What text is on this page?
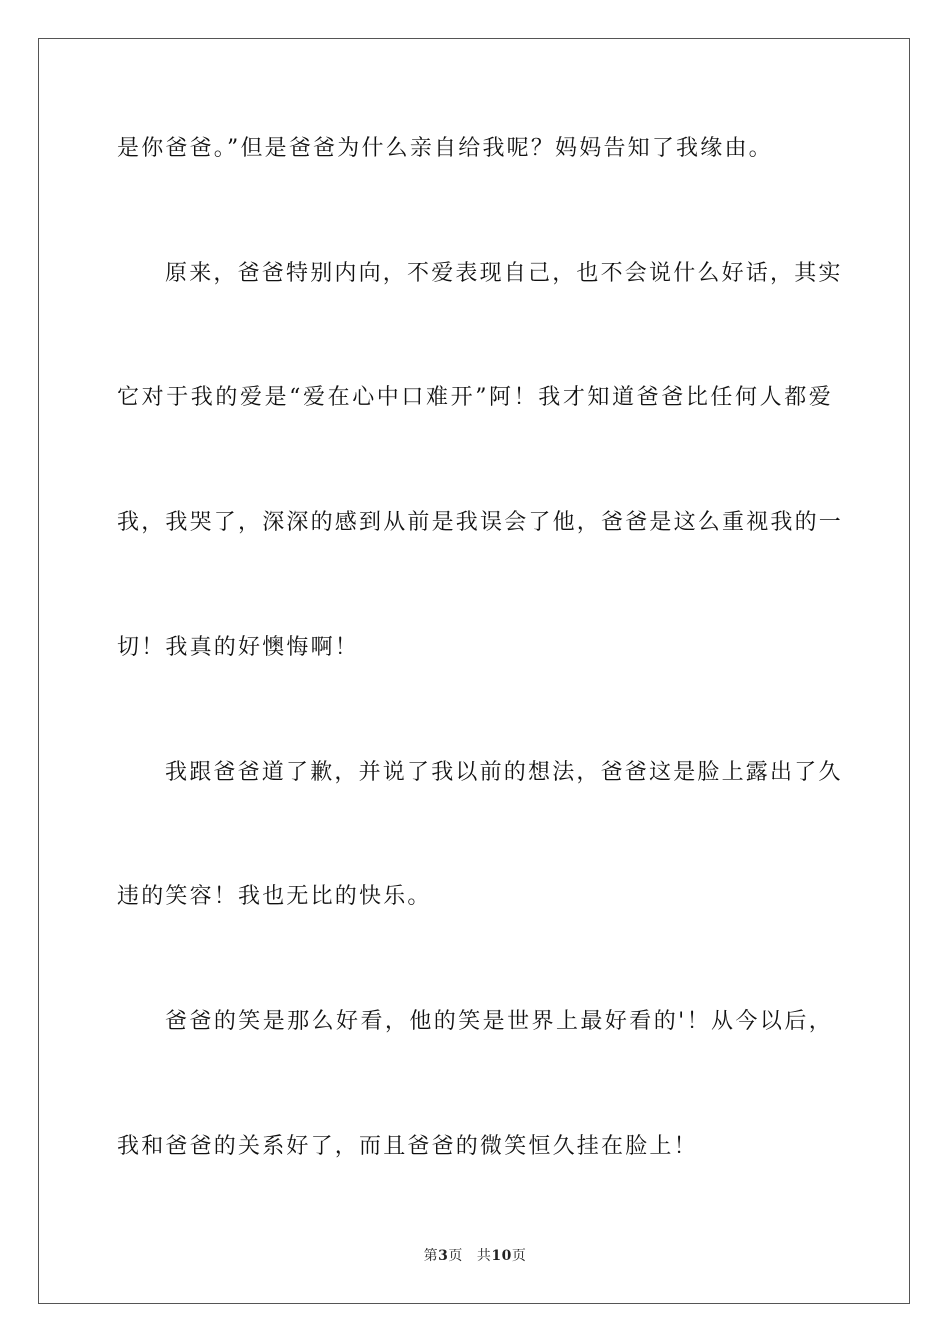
是你爸爸。”但是爸爸为什么亲自给我呢？妈妈告知了我缘由。
原来，爸爸特别内向，不爱表现自己，也不会说什么好话，其实
它对于我的爱是“爱在心中口难开”阿！我才知道爸爸比任何人都爱
我，我哭了，深深的感到从前是我误会了他，爸爸是这么重视我的一
切！我真的好懊悔啊！
我跟爸爸道了歉，并说了我以前的想法，爸爸这是脸上露出了久
违的笑容！我也无比的快乐。
爸爸的笑是那么好看，他的笑是世界上最好看的'！从今以后，
我和爸爸的关系好了，而且爸爸的微笑恒久挂在脸上！
第3页 共10页
